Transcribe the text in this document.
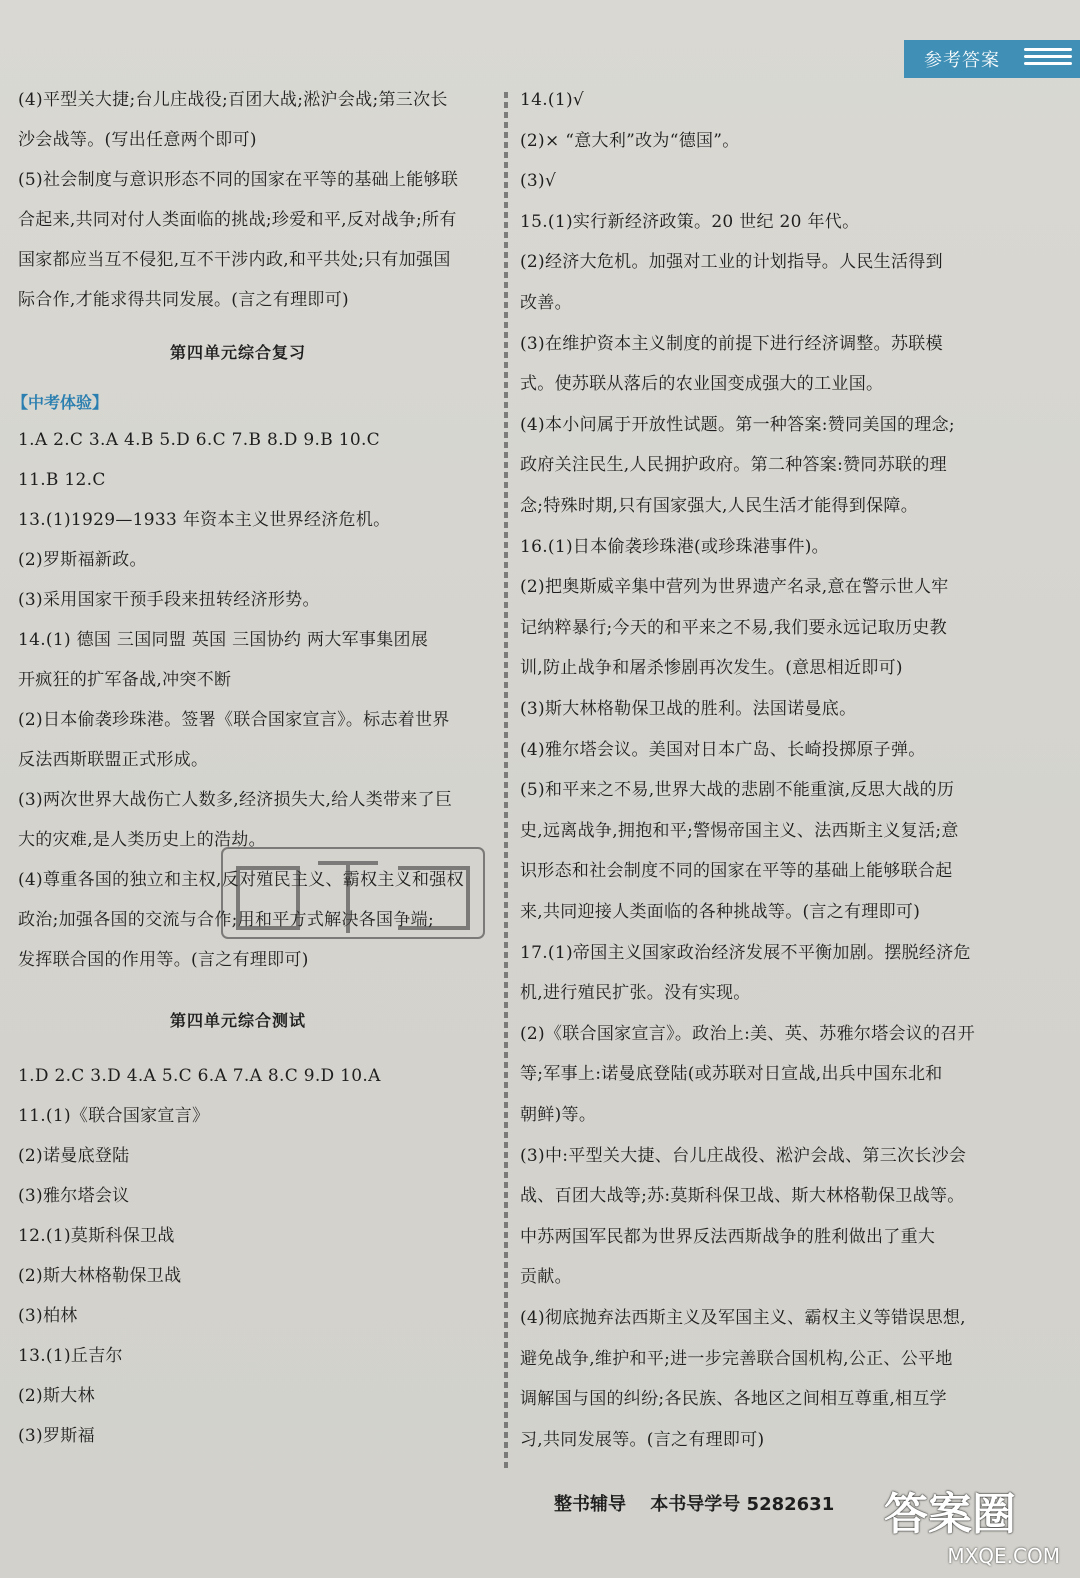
参考答案
(4)平型关大捷;台儿庄战役;百团大战;淞沪会战;第三次长
沙会战等。(写出任意两个即可)
(5)社会制度与意识形态不同的国家在平等的基础上能够联
合起来,共同对付人类面临的挑战;珍爱和平,反对战争;所有
国家都应当互不侵犯,互不干涉内政,和平共处;只有加强国
际合作,才能求得共同发展。(言之有理即可)
第四单元综合复习
【中考体验】
1.A 2.C 3.A 4.B 5.D 6.C 7.B 8.D 9.B 10.C
11.B 12.C
13.(1)1929—1933 年资本主义世界经济危机。
(2)罗斯福新政。
(3)采用国家干预手段来扭转经济形势。
14.(1) 德国 三国同盟 英国 三国协约 两大军事集团展
开疯狂的扩军备战,冲突不断
(2)日本偷袭珍珠港。签署《联合国家宣言》。标志着世界
反法西斯联盟正式形成。
(3)两次世界大战伤亡人数多,经济损失大,给人类带来了巨
大的灾难,是人类历史上的浩劫。
(4)尊重各国的独立和主权,反对殖民主义、霸权主义和强权
政治;加强各国的交流与合作;用和平方式解决各国争端;
发挥联合国的作用等。(言之有理即可)
第四单元综合测试
1.D 2.C 3.D 4.A 5.C 6.A 7.A 8.C 9.D 10.A
11.(1)《联合国家宣言》
(2)诺曼底登陆
(3)雅尔塔会议
12.(1)莫斯科保卫战
(2)斯大林格勒保卫战
(3)柏林
13.(1)丘吉尔
(2)斯大林
(3)罗斯福
14.(1)√
(2)× “意大利”改为“德国”。
(3)√
15.(1)实行新经济政策。20 世纪 20 年代。
(2)经济大危机。加强对工业的计划指导。人民生活得到
改善。
(3)在维护资本主义制度的前提下进行经济调整。苏联模
式。使苏联从落后的农业国变成强大的工业国。
(4)本小问属于开放性试题。第一种答案:赞同美国的理念;
政府关注民生,人民拥护政府。第二种答案:赞同苏联的理
念;特殊时期,只有国家强大,人民生活才能得到保障。
16.(1)日本偷袭珍珠港(或珍珠港事件)。
(2)把奥斯威辛集中营列为世界遗产名录,意在警示世人牢
记纳粹暴行;今天的和平来之不易,我们要永远记取历史教
训,防止战争和屠杀惨剧再次发生。(意思相近即可)
(3)斯大林格勒保卫战的胜利。法国诺曼底。
(4)雅尔塔会议。美国对日本广岛、长崎投掷原子弹。
(5)和平来之不易,世界大战的悲剧不能重演,反思大战的历
史,远离战争,拥抱和平;警惕帝国主义、法西斯主义复活;意
识形态和社会制度不同的国家在平等的基础上能够联合起
来,共同迎接人类面临的各种挑战等。(言之有理即可)
17.(1)帝国主义国家政治经济发展不平衡加剧。摆脱经济危
机,进行殖民扩张。没有实现。
(2)《联合国家宣言》。政治上:美、英、苏雅尔塔会议的召开
等;军事上:诺曼底登陆(或苏联对日宣战,出兵中国东北和
朝鲜)等。
(3)中:平型关大捷、台儿庄战役、淞沪会战、第三次长沙会
战、百团大战等;苏:莫斯科保卫战、斯大林格勒保卫战等。
中苏两国军民都为世界反法西斯战争的胜利做出了重大
贡献。
(4)彻底抛弃法西斯主义及军国主义、霸权主义等错误思想,
避免战争,维护和平;进一步完善联合国机构,公正、公平地
调解国与国的纠纷;各民族、各地区之间相互尊重,相互学
习,共同发展等。(言之有理即可)
整书辅导 本书导学号 5282631 答案圈
MXQE.COM
